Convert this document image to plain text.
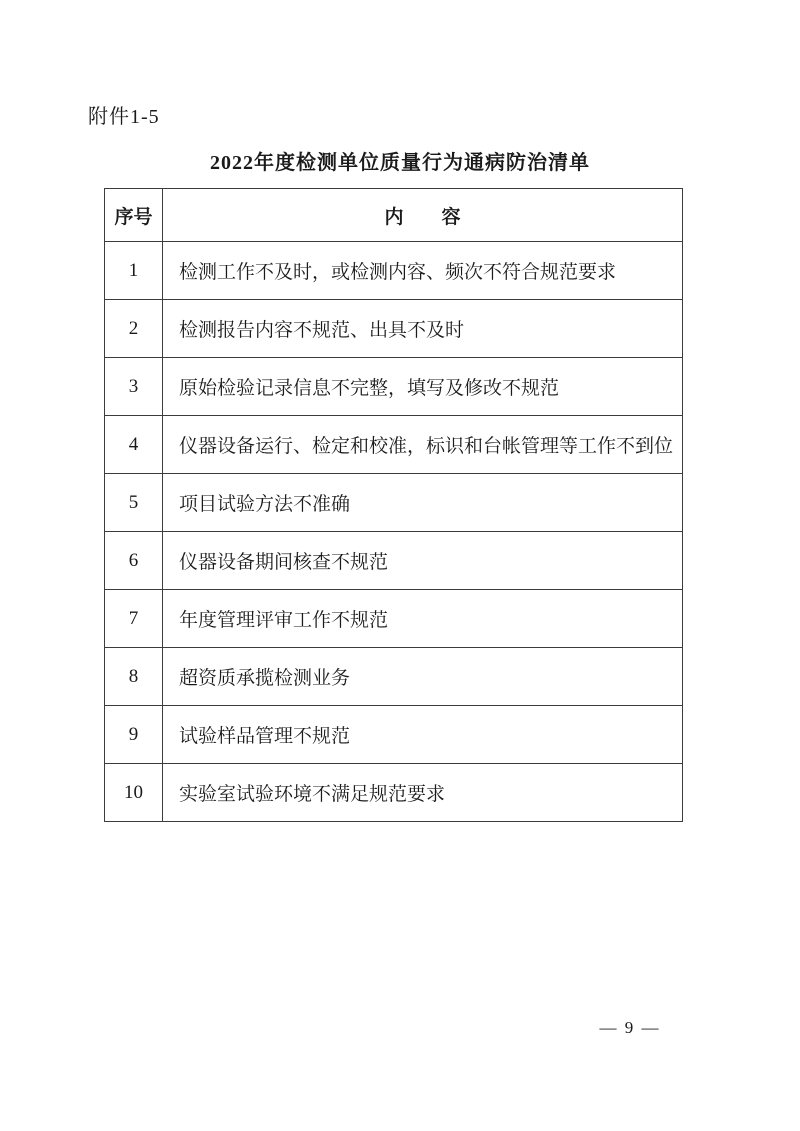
附件1-5
2022年度检测单位质量行为通病防治清单
序号	内　　容
1	检测工作不及时，或检测内容、频次不符合规范要求
2	检测报告内容不规范、出具不及时
3	原始检验记录信息不完整，填写及修改不规范
4	仪器设备运行、检定和校准，标识和台帐管理等工作不到位
5	项目试验方法不准确
6	仪器设备期间核查不规范
7	年度管理评审工作不规范
8	超资质承揽检测业务
9	试验样品管理不规范
10	实验室试验环境不满足规范要求
— 9 —
